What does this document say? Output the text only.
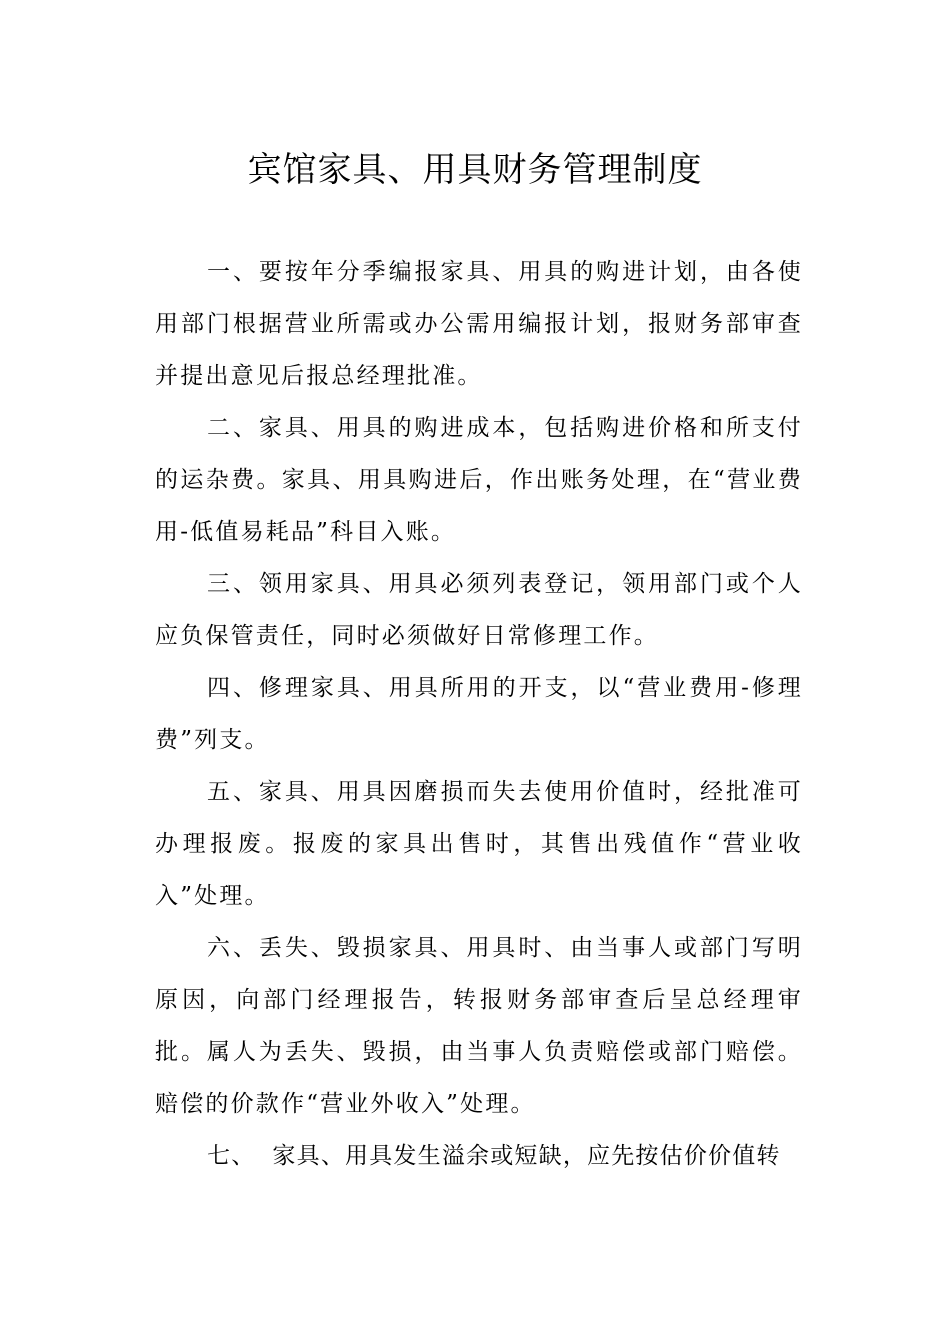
宾馆家具、用具财务管理制度

一、要按年分季编报家具、用具的购进计划，由各使用部门根据营业所需或办公需用编报计划，报财务部审查并提出意见后报总经理批准。

二、家具、用具的购进成本，包括购进价格和所支付的运杂费。家具、用具购进后，作出账务处理，在“营业费用-低值易耗品”科目入账。

三、领用家具、用具必须列表登记，领用部门或个人应负保管责任，同时必须做好日常修理工作。

四、修理家具、用具所用的开支，以“营业费用-修理费”列支。

五、家具、用具因磨损而失去使用价值时，经批准可办理报废。报废的家具出售时，其售出残值作“营业收入”处理。

六、丢失、毁损家具、用具时、由当事人或部门写明原因，向部门经理报告，转报财务部审查后呈总经理审批。属人为丢失、毁损，由当事人负责赔偿或部门赔偿。赔偿的价款作“营业外收入”处理。

七、  家具、用具发生溢余或短缺，应先按估价价值转
